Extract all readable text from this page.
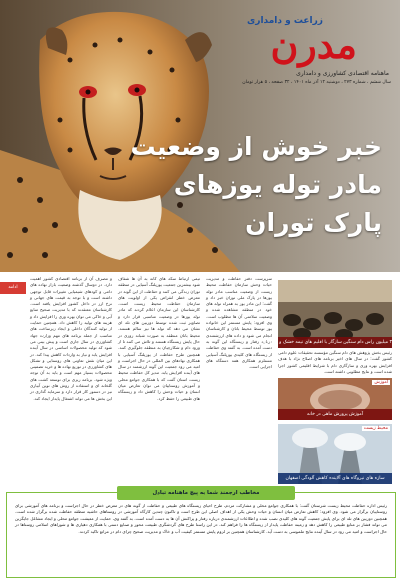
زراعت و دامداری
مدرن
ماهنامه اقتصادی کشاورزی و دامداری
سال ششم ، شماره ۲۷۳ ، دوشنبه ۱۲ آذر ماه ۱۴۰۱ ، ۳۲ صفحه ، ۵ هزار تومان
خبر خوش از وضعیت
مادر توله یوزهای
پارک توران
ادامه

و مصرف آن از برنامه اقتصادی کشور اهمیت دارد. در دوسال گذشته وضعیت بازار نهاده های دامی و کودهای شیمیایی تغییرات قابل توجهی داشته است و با توجه به قیمت های جهانی و نرخ ارز در داخل کشور افزایش یافته است. کارشناسان معتقدند که با مدیریت صحیح منابع آبی و خاکی می توان بهره وری را افزایش داد و هزینه های تولید را کاهش داد. همچنین حمایت از تولید کنندگان داخلی و ایجاد زیرساخت های مناسب از جمله برنامه های مهم وزارت جهاد کشاورزی در سال جاری است و پیش بینی می شود که تولید محصولات اساسی در سال آینده افزایش یابد و نیاز به واردات کاهش پیدا کند. در این میان نقش تعاونی های روستایی و تشکل های کشاورزی در توزیع نهاده ها و خرید تضمینی محصولات بسیار مهم است و باید به آن توجه ویژه شود. برنامه ریزی برای توسعه کشت های گلخانه ای و استفاده از روش های نوین آبیاری نیز در دستور کار قرار دارد و سرمایه گذاری در این بخش ها می تواند اشتغال پایدار ایجاد کند.

تیمی ارتباط سکه های کانه به آن ها شفاف شود بیشترین جمعیت یوزپلنگ آسیایی در منطقه توران زندگی می کنند و حفاظت از این گونه در معرض خطر انقراض یکی از اولویت های سازمان حفاظت محیط زیست است. کارشناسان این سازمان اعلام کردند که مادر توله یوزها در وضعیت مناسبی قرار دارد و تصاویر ثبت شده توسط دوربین های تله ای نشان می دهد که توله ها نیز سالم هستند. محیط بانان منطقه به صورت شبانه روزی در حال پایش زیستگاه هستند و تلاش می کنند تا از ورود دام و شکارچیان به منطقه جلوگیری کنند. همچنین طرح حفاظت از یوزپلنگ آسیایی با همکاری نهادهای بین المللی در حال اجراست و امید می رود جمعیت این گونه ارزشمند در سال های آینده افزایش یابد. مدیر کل حفاظت محیط زیست استان گفت که با همکاری جوامع محلی و آموزش روستاییان می توان تعارض میان انسان و حیات وحش را کاهش داد و زیستگاه های طبیعی را حفظ کرد.

سرپرست دفتر حفاظت و مدیریت حیات وحش سازمان حفاظت محیط زیست از وضعیت مناسب مادر توله یوزها در پارک ملی توران خبر داد و گفت: این مادر یوز به همراه توله های خود در منطقه مشاهده شده و وضعیت سلامتی آن ها مطلوب است. وی افزود: پایش مستمر این خانواده یوز توسط محیط بانان و کارشناسان انجام می شود و داده های ارزشمندی درباره رفتار و زیستگاه این گونه به دست آمده است. به گفته وی حفاظت از زیستگاه های کلیدی یوزپلنگ آسیایی مستلزم همکاری همه دستگاه های اجرایی است.

۳ میلیون راس دام سنگین سازگار با اقلیم های نیمه خشک و دامداری
رئیس بخش پژوهش های دام سنگین مؤسسه تحقیقات علوم دامی کشور گفت: در سال های اخیر برنامه های اصلاح نژاد با هدف افزایش بهره وری و سازگاری دام با شرایط اقلیمی کشور اجرا شده است و نتایج مطلوبی داشته است.
آموزش
آموزش پرورش ماهی در خانه
محیط زیست
سازه های نیروگاه های آلاینده کاهش آلودگی اصفهان
مخاطب ارجمند شما به پیچ ماهنامه تبادل
رئیس اداره حفاظت محیط زیست شرستان گفت: با همکاری جوامع محلی و مشارکت مردم، طرح احیای زیستگاه های طبیعی و حفاظت از گونه های در معرض خطر در حال اجراست و برنامه های آموزشی برای روستاییان برگزار می شود. وی افزود: کاهش تعارض میان انسان و حیات وحش یکی از اهداف اصلی این طرح است و تاکنون چندین کارگاه آموزشی در روستاهای حاشیه منطقه حفاظت شده برگزار شده است. همچنین دوربین های تله ای برای پایش جمعیت گونه های کلیدی نصب شده و اطلاعات ارزشمندی درباره رفتار و پراکنش آن ها به دست آمده است. به گفته وی، حمایت از معیشت جوامع محلی و ایجاد مشاغل جایگزین می تواند فشار بر منابع طبیعی را کاهش دهد و زمینه حفاظت پایدار از زیستگاه ها را فراهم کند. در این راستا طرح های گردشگری طبیعت محور و صنایع دستی با همکاری دهیاری ها و شوراهای اسلامی روستاها در حال اجراست و امید می رود در سال آینده نتایج ملموسی به دست آید. کارشناسان همچنین بر لزوم پایش مستمر کیفیت آب و خاک و مدیریت صحیح چرای دام در مراتع تاکید کردند.
